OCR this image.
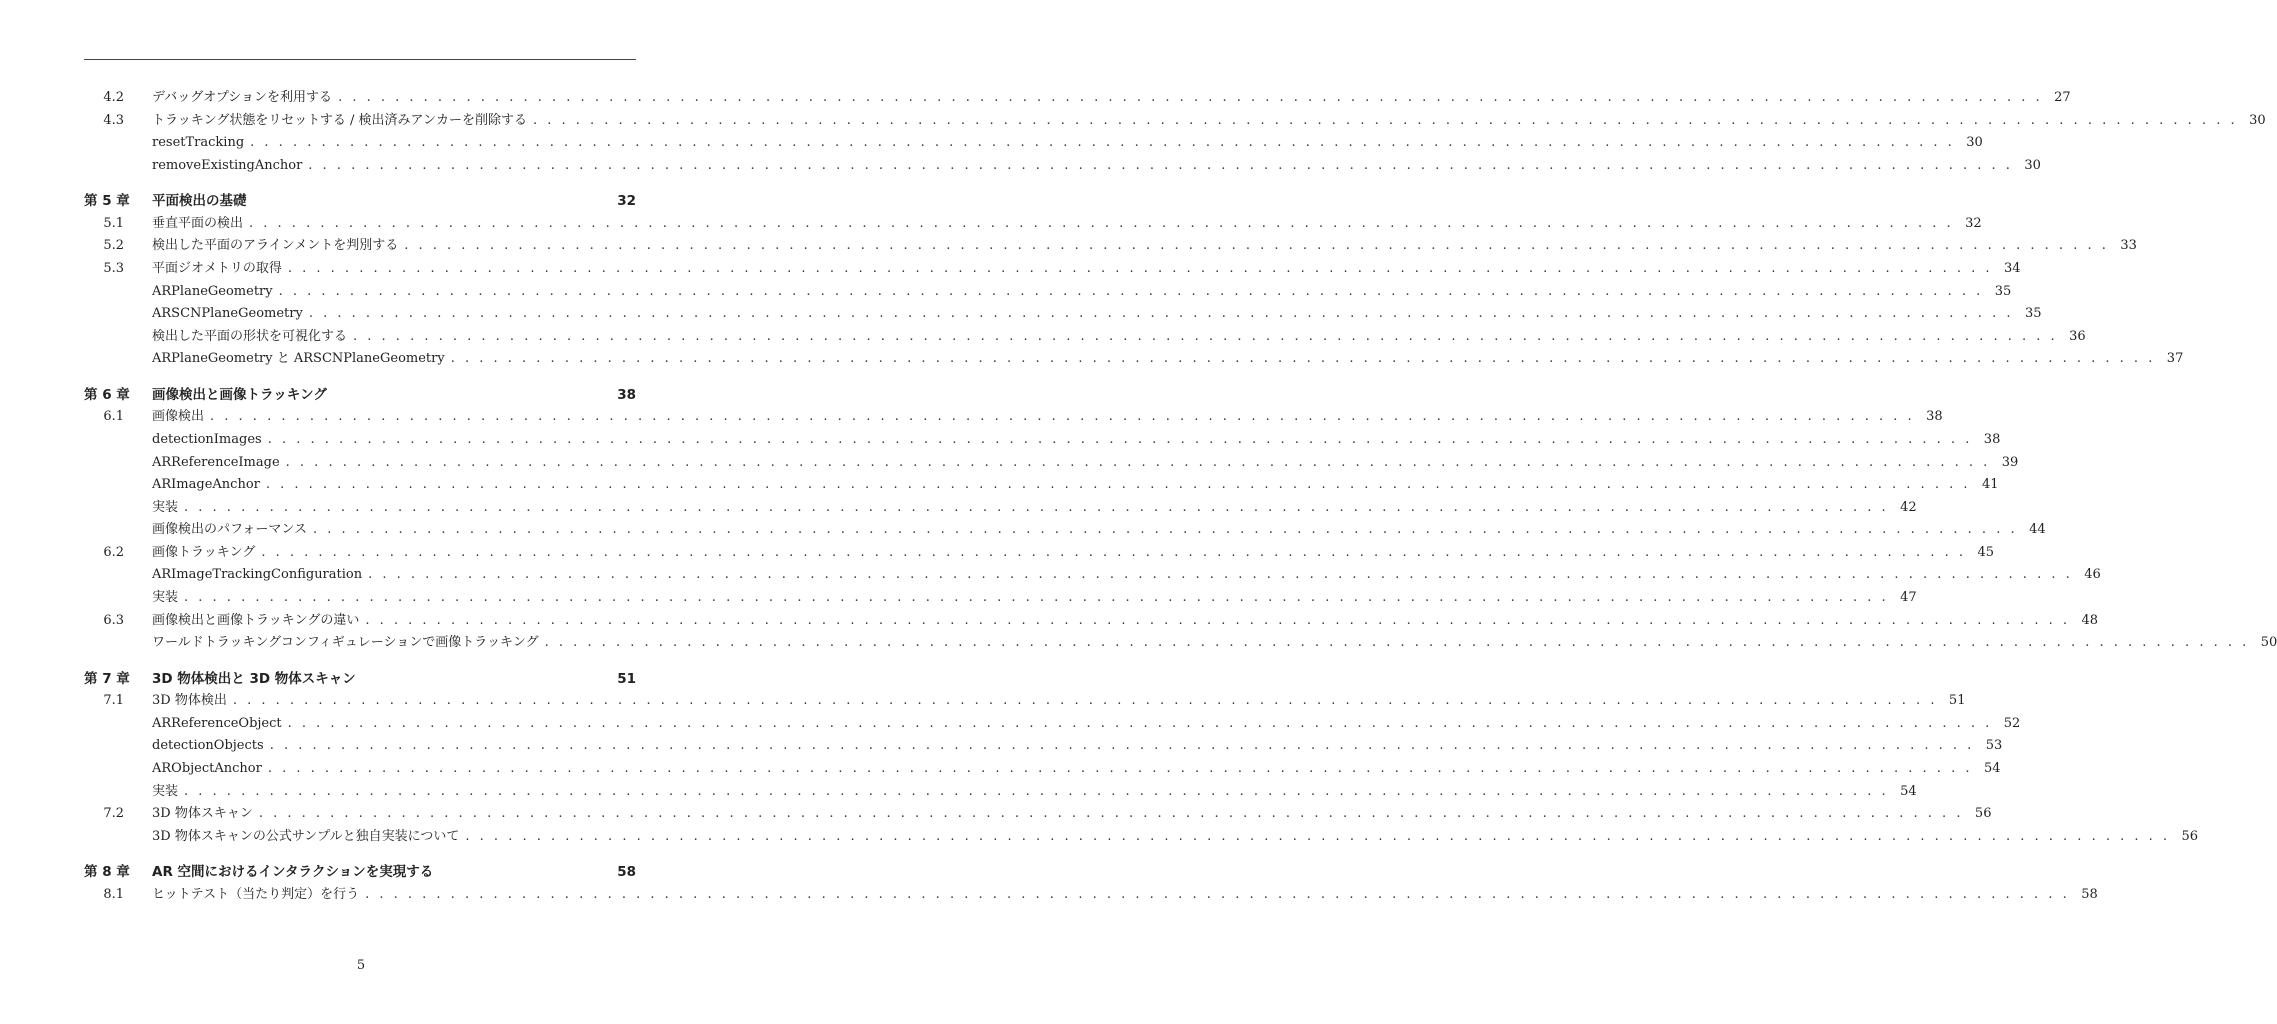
4.2 デバッグオプションを利用する . . . . . . . . . . . . . . . . . . . . . . . . . . . . . . . . . . . . . . . . . . . . . . . . . . . . . . . . . . . . . . . . . . . . . . . . . . . . . . . . . . . . . . . . . . . . . . . . . . . . . . . . . . . . . . . . . . . . . . . . 27
4.3 トラッキング状態をリセットする / 検出済みアンカーを削除する . . . . . . . . . . . . . . . . . . . . . . . . . . . . . . . . . . . . . . . . . . . . . . . . . . . . . . . . . . . . . . . . . . . . . . . . . . . . . . . . . . . . . . . . . . . . . . . . . . . . . . . . . . . . . . . . . . . . . . . . 30
resetTracking . . . . . . . . . . . . . . . . . . . . . . . . . . . . . . . . . . . . . . . . . . . . . . . . . . . . . . . . . . . . . . . . . . . . . . . . . . . . . . . . . . . . . . . . . . . . . . . . . . . . . . . . . . . . . . . . . . . . . . . . 30
removeExistingAnchor . . . . . . . . . . . . . . . . . . . . . . . . . . . . . . . . . . . . . . . . . . . . . . . . . . . . . . . . . . . . . . . . . . . . . . . . . . . . . . . . . . . . . . . . . . . . . . . . . . . . . . . . . . . . . . . . . . . . . . . . 30
第 5 章 平面検出の基礎	32
5.1 垂直平面の検出 . . . . . . . . . . . . . . . . . . . . . . . . . . . . . . . . . . . . . . . . . . . . . . . . . . . . . . . . . . . . . . . . . . . . . . . . . . . . . . . . . . . . . . . . . . . . . . . . . . . . . . . . . . . . . . . . . . . . . . . . 32
5.2 検出した平面のアラインメントを判別する . . . . . . . . . . . . . . . . . . . . . . . . . . . . . . . . . . . . . . . . . . . . . . . . . . . . . . . . . . . . . . . . . . . . . . . . . . . . . . . . . . . . . . . . . . . . . . . . . . . . . . . . . . . . . . . . . . . . . . . . 33
5.3 平面ジオメトリの取得 . . . . . . . . . . . . . . . . . . . . . . . . . . . . . . . . . . . . . . . . . . . . . . . . . . . . . . . . . . . . . . . . . . . . . . . . . . . . . . . . . . . . . . . . . . . . . . . . . . . . . . . . . . . . . . . . . . . . . . . . 34
ARPlaneGeometry . . . . . . . . . . . . . . . . . . . . . . . . . . . . . . . . . . . . . . . . . . . . . . . . . . . . . . . . . . . . . . . . . . . . . . . . . . . . . . . . . . . . . . . . . . . . . . . . . . . . . . . . . . . . . . . . . . . . . . . . 35
ARSCNPlaneGeometry . . . . . . . . . . . . . . . . . . . . . . . . . . . . . . . . . . . . . . . . . . . . . . . . . . . . . . . . . . . . . . . . . . . . . . . . . . . . . . . . . . . . . . . . . . . . . . . . . . . . . . . . . . . . . . . . . . . . . . . . 35
検出した平面の形状を可視化する . . . . . . . . . . . . . . . . . . . . . . . . . . . . . . . . . . . . . . . . . . . . . . . . . . . . . . . . . . . . . . . . . . . . . . . . . . . . . . . . . . . . . . . . . . . . . . . . . . . . . . . . . . . . . . . . . . . . . . . . 36
ARPlaneGeometry と ARSCNPlaneGeometry . . . . . . . . . . . . . . . . . . . . . . . . . . . . . . . . . . . . . . . . . . . . . . . . . . . . . . . . . . . . . . . . . . . . . . . . . . . . . . . . . . . . . . . . . . . . . . . . . . . . . . . . . . . . . . . . . . . . . . . . 37
第 6 章 画像検出と画像トラッキング	38
6.1 画像検出 . . . . . . . . . . . . . . . . . . . . . . . . . . . . . . . . . . . . . . . . . . . . . . . . . . . . . . . . . . . . . . . . . . . . . . . . . . . . . . . . . . . . . . . . . . . . . . . . . . . . . . . . . . . . . . . . . . . . . . . . 38
detectionImages . . . . . . . . . . . . . . . . . . . . . . . . . . . . . . . . . . . . . . . . . . . . . . . . . . . . . . . . . . . . . . . . . . . . . . . . . . . . . . . . . . . . . . . . . . . . . . . . . . . . . . . . . . . . . . . . . . . . . . . . 38
ARReferenceImage . . . . . . . . . . . . . . . . . . . . . . . . . . . . . . . . . . . . . . . . . . . . . . . . . . . . . . . . . . . . . . . . . . . . . . . . . . . . . . . . . . . . . . . . . . . . . . . . . . . . . . . . . . . . . . . . . . . . . . . . 39
ARImageAnchor . . . . . . . . . . . . . . . . . . . . . . . . . . . . . . . . . . . . . . . . . . . . . . . . . . . . . . . . . . . . . . . . . . . . . . . . . . . . . . . . . . . . . . . . . . . . . . . . . . . . . . . . . . . . . . . . . . . . . . . . 41
実装 . . . . . . . . . . . . . . . . . . . . . . . . . . . . . . . . . . . . . . . . . . . . . . . . . . . . . . . . . . . . . . . . . . . . . . . . . . . . . . . . . . . . . . . . . . . . . . . . . . . . . . . . . . . . . . . . . . . . . . . . 42
画像検出のパフォーマンス . . . . . . . . . . . . . . . . . . . . . . . . . . . . . . . . . . . . . . . . . . . . . . . . . . . . . . . . . . . . . . . . . . . . . . . . . . . . . . . . . . . . . . . . . . . . . . . . . . . . . . . . . . . . . . . . . . . . . . . . 44
6.2 画像トラッキング . . . . . . . . . . . . . . . . . . . . . . . . . . . . . . . . . . . . . . . . . . . . . . . . . . . . . . . . . . . . . . . . . . . . . . . . . . . . . . . . . . . . . . . . . . . . . . . . . . . . . . . . . . . . . . . . . . . . . . . . 45
ARImageTrackingConfiguration . . . . . . . . . . . . . . . . . . . . . . . . . . . . . . . . . . . . . . . . . . . . . . . . . . . . . . . . . . . . . . . . . . . . . . . . . . . . . . . . . . . . . . . . . . . . . . . . . . . . . . . . . . . . . . . . . . . . . . . . 46
実装 . . . . . . . . . . . . . . . . . . . . . . . . . . . . . . . . . . . . . . . . . . . . . . . . . . . . . . . . . . . . . . . . . . . . . . . . . . . . . . . . . . . . . . . . . . . . . . . . . . . . . . . . . . . . . . . . . . . . . . . . 47
6.3 画像検出と画像トラッキングの違い . . . . . . . . . . . . . . . . . . . . . . . . . . . . . . . . . . . . . . . . . . . . . . . . . . . . . . . . . . . . . . . . . . . . . . . . . . . . . . . . . . . . . . . . . . . . . . . . . . . . . . . . . . . . . . . . . . . . . . . . 48
ワールドトラッキングコンフィギュレーションで画像トラッキング . . . . . . . . . . . . . . . . . . . . . . . . . . . . . . . . . . . . . . . . . . . . . . . . . . . . . . . . . . . . . . . . . . . . . . . . . . . . . . . . . . . . . . . . . . . . . . . . . . . . . . . . . . . . . . . . . . . . . . . . 50
第 7 章 3D 物体検出と 3D 物体スキャン	51
7.1 3D 物体検出 . . . . . . . . . . . . . . . . . . . . . . . . . . . . . . . . . . . . . . . . . . . . . . . . . . . . . . . . . . . . . . . . . . . . . . . . . . . . . . . . . . . . . . . . . . . . . . . . . . . . . . . . . . . . . . . . . . . . . . . . 51
ARReferenceObject . . . . . . . . . . . . . . . . . . . . . . . . . . . . . . . . . . . . . . . . . . . . . . . . . . . . . . . . . . . . . . . . . . . . . . . . . . . . . . . . . . . . . . . . . . . . . . . . . . . . . . . . . . . . . . . . . . . . . . . . 52
detectionObjects . . . . . . . . . . . . . . . . . . . . . . . . . . . . . . . . . . . . . . . . . . . . . . . . . . . . . . . . . . . . . . . . . . . . . . . . . . . . . . . . . . . . . . . . . . . . . . . . . . . . . . . . . . . . . . . . . . . . . . . . 53
ARObjectAnchor . . . . . . . . . . . . . . . . . . . . . . . . . . . . . . . . . . . . . . . . . . . . . . . . . . . . . . . . . . . . . . . . . . . . . . . . . . . . . . . . . . . . . . . . . . . . . . . . . . . . . . . . . . . . . . . . . . . . . . . . 54
実装 . . . . . . . . . . . . . . . . . . . . . . . . . . . . . . . . . . . . . . . . . . . . . . . . . . . . . . . . . . . . . . . . . . . . . . . . . . . . . . . . . . . . . . . . . . . . . . . . . . . . . . . . . . . . . . . . . . . . . . . . 54
7.2 3D 物体スキャン . . . . . . . . . . . . . . . . . . . . . . . . . . . . . . . . . . . . . . . . . . . . . . . . . . . . . . . . . . . . . . . . . . . . . . . . . . . . . . . . . . . . . . . . . . . . . . . . . . . . . . . . . . . . . . . . . . . . . . . . 56
3D 物体スキャンの公式サンプルと独自実装について . . . . . . . . . . . . . . . . . . . . . . . . . . . . . . . . . . . . . . . . . . . . . . . . . . . . . . . . . . . . . . . . . . . . . . . . . . . . . . . . . . . . . . . . . . . . . . . . . . . . . . . . . . . . . . . . . . . . . . . . 56
第 8 章 AR 空間におけるインタラクションを実現する	58
8.1 ヒットテスト（当たり判定）を行う . . . . . . . . . . . . . . . . . . . . . . . . . . . . . . . . . . . . . . . . . . . . . . . . . . . . . . . . . . . . . . . . . . . . . . . . . . . . . . . . . . . . . . . . . . . . . . . . . . . . . . . . . . . . . . . . . . . . . . . . 58
5
